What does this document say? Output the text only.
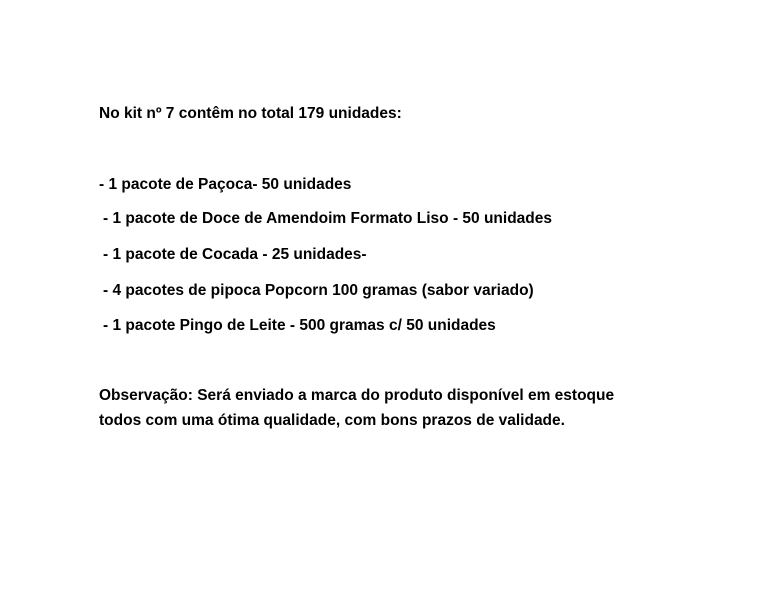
No kit nº 7 contêm no total 179 unidades:
- 1 pacote de Paçoca- 50 unidades
- 1 pacote de Doce de Amendoim Formato Liso - 50 unidades
- 1 pacote de Cocada - 25 unidades-
- 4 pacotes de pipoca Popcorn 100 gramas (sabor variado)
- 1 pacote Pingo de Leite - 500 gramas c/ 50 unidades
Observação: Será enviado a marca do produto disponível em estoque
todos com uma ótima qualidade, com bons prazos de validade.
